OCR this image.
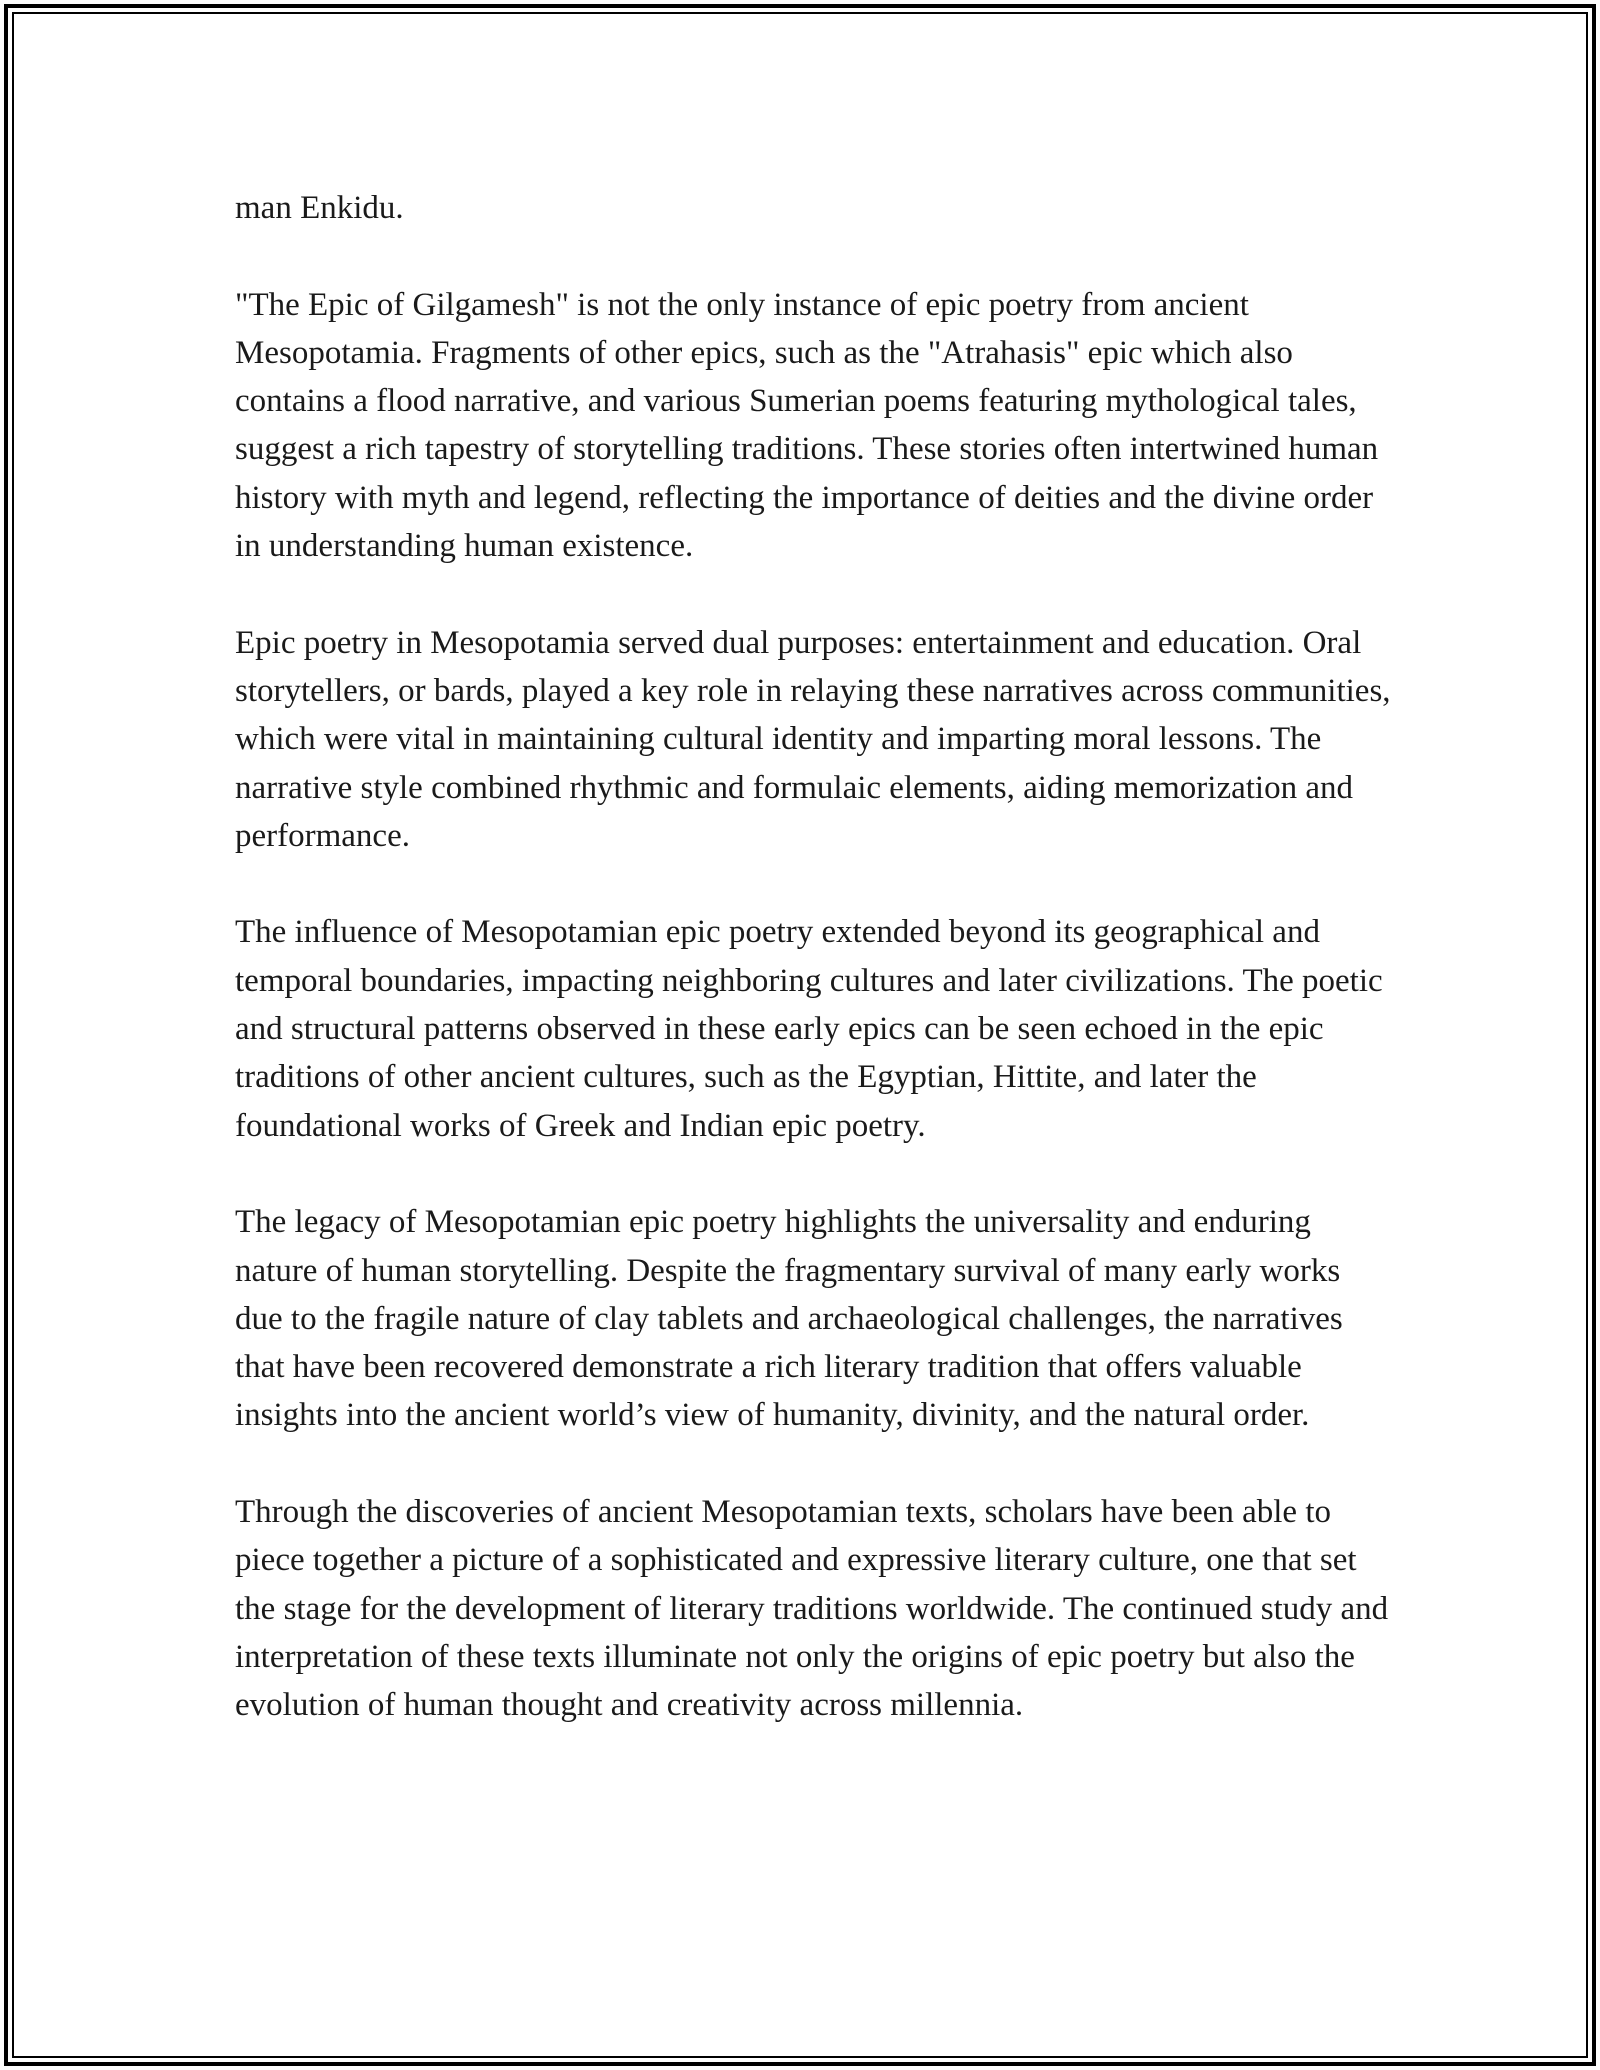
man Enkidu.

"The Epic of Gilgamesh" is not the only instance of epic poetry from ancient Mesopotamia. Fragments of other epics, such as the "Atrahasis" epic which also contains a flood narrative, and various Sumerian poems featuring mythological tales, suggest a rich tapestry of storytelling traditions. These stories often intertwined human history with myth and legend, reflecting the importance of deities and the divine order in understanding human existence.

Epic poetry in Mesopotamia served dual purposes: entertainment and education. Oral storytellers, or bards, played a key role in relaying these narratives across communities, which were vital in maintaining cultural identity and imparting moral lessons. The narrative style combined rhythmic and formulaic elements, aiding memorization and performance.

The influence of Mesopotamian epic poetry extended beyond its geographical and temporal boundaries, impacting neighboring cultures and later civilizations. The poetic and structural patterns observed in these early epics can be seen echoed in the epic traditions of other ancient cultures, such as the Egyptian, Hittite, and later the foundational works of Greek and Indian epic poetry.

The legacy of Mesopotamian epic poetry highlights the universality and enduring nature of human storytelling. Despite the fragmentary survival of many early works due to the fragile nature of clay tablets and archaeological challenges, the narratives that have been recovered demonstrate a rich literary tradition that offers valuable insights into the ancient world’s view of humanity, divinity, and the natural order.

Through the discoveries of ancient Mesopotamian texts, scholars have been able to piece together a picture of a sophisticated and expressive literary culture, one that set the stage for the development of literary traditions worldwide. The continued study and interpretation of these texts illuminate not only the origins of epic poetry but also the evolution of human thought and creativity across millennia.
